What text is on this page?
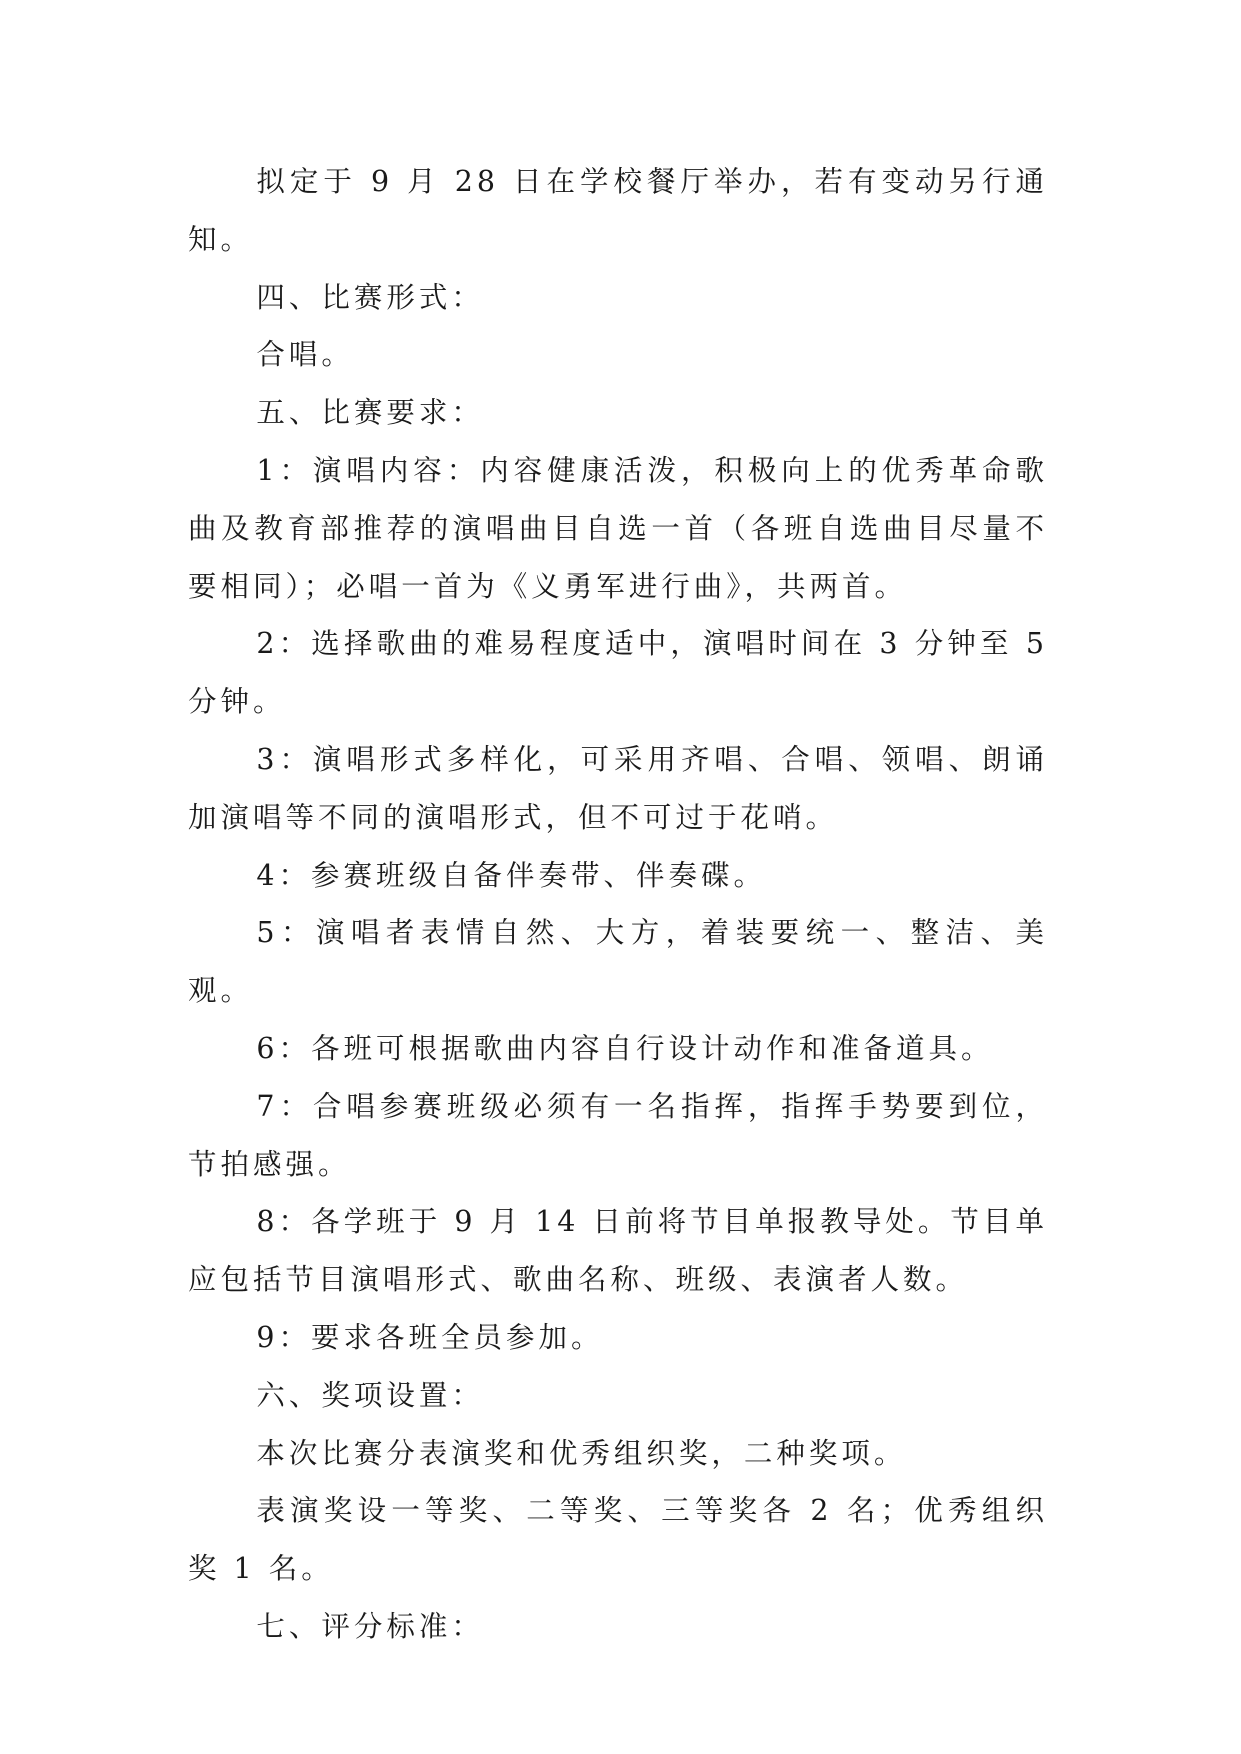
拟定于 9 月 28 日在学校餐厅举办，若有变动另行通知。

四、比赛形式：

合唱。

五、比赛要求：

1：演唱内容：内容健康活泼，积极向上的优秀革命歌曲及教育部推荐的演唱曲目自选一首（各班自选曲目尽量不要相同）；必唱一首为《义勇军进行曲》，共两首。

2：选择歌曲的难易程度适中，演唱时间在 3 分钟至 5 分钟。

3：演唱形式多样化，可采用齐唱、合唱、领唱、朗诵加演唱等不同的演唱形式，但不可过于花哨。

4：参赛班级自备伴奏带、伴奏碟。

5：演唱者表情自然、大方，着装要统一、整洁、美观。

6：各班可根据歌曲内容自行设计动作和准备道具。

7：合唱参赛班级必须有一名指挥，指挥手势要到位，节拍感强。

8：各学班于 9 月 14 日前将节目单报教导处。节目单应包括节目演唱形式、歌曲名称、班级、表演者人数。

9：要求各班全员参加。

六、奖项设置：

本次比赛分表演奖和优秀组织奖，二种奖项。

表演奖设一等奖、二等奖、三等奖各 2 名；优秀组织奖 1 名。

七、评分标准：
